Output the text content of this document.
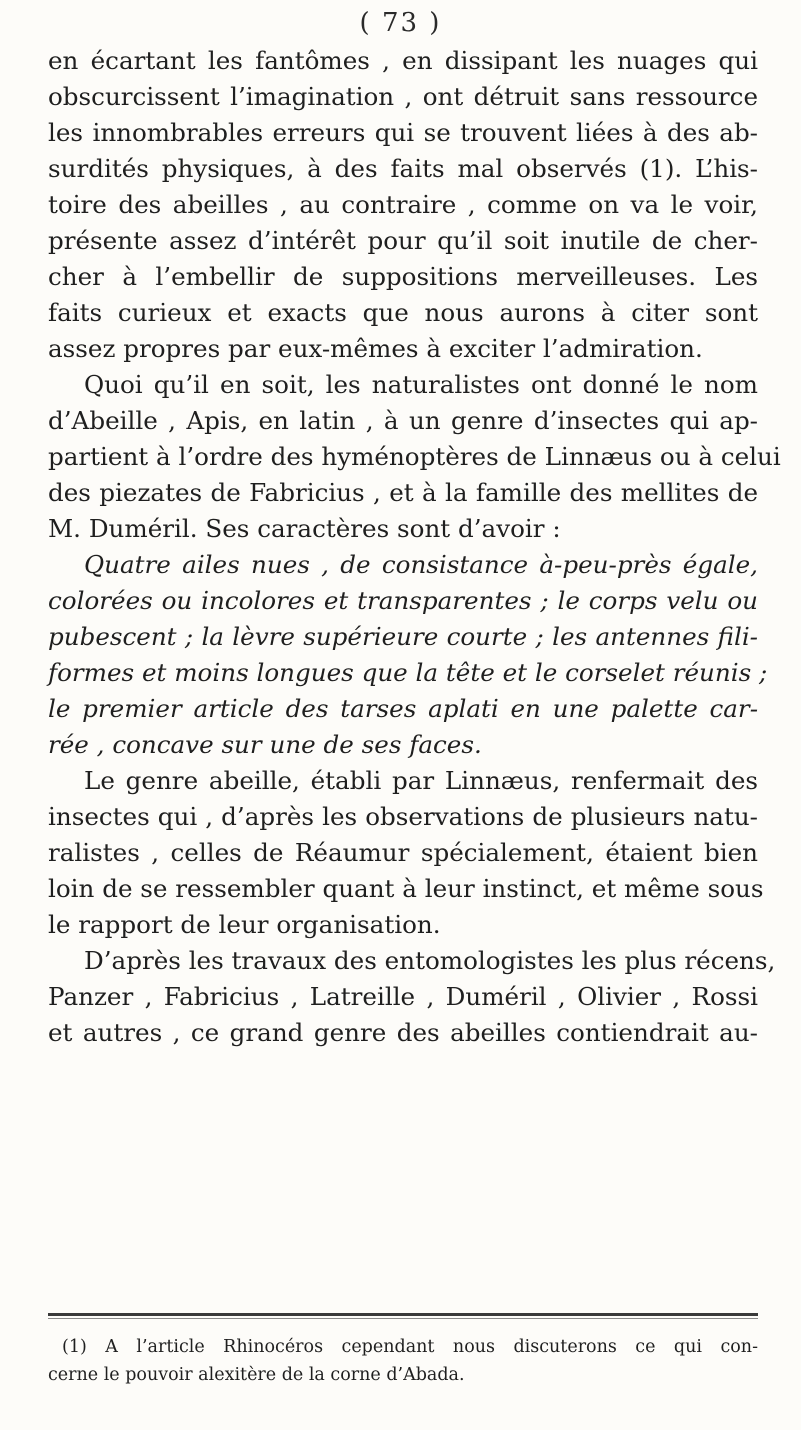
( 73 )
en écartant les fantômes , en dissipant les nuages qui
obscurcissent l’imagination , ont détruit sans ressource
les innombrables erreurs qui se trouvent liées à des ab-
surdités physiques, à des faits mal observés (1). L’his-
toire des abeilles , au contraire , comme on va le voir,
présente assez d’intérêt pour qu’il soit inutile de cher-
cher à l’embellir de suppositions merveilleuses. Les
faits curieux et exacts que nous aurons à citer sont
assez propres par eux-mêmes à exciter l’admiration.
Quoi qu’il en soit, les naturalistes ont donné le nom
d’Abeille , Apis, en latin , à un genre d’insectes qui ap-
partient à l’ordre des hyménoptères de Linnæus ou à celui
des piezates de Fabricius , et à la famille des mellites de
M. Duméril. Ses caractères sont d’avoir :
Quatre ailes nues , de consistance à-peu-près égale,
colorées ou incolores et transparentes ; le corps velu ou
pubescent ; la lèvre supérieure courte ; les antennes fili-
formes et moins longues que la tête et le corselet réunis ;
le premier article des tarses aplati en une palette car-
rée , concave sur une de ses faces.
Le genre abeille, établi par Linnæus, renfermait des
insectes qui , d’après les observations de plusieurs natu-
ralistes , celles de Réaumur spécialement, étaient bien
loin de se ressembler quant à leur instinct, et même sous
le rapport de leur organisation.
D’après les travaux des entomologistes les plus récens,
Panzer , Fabricius , Latreille , Duméril , Olivier , Rossi
et autres , ce grand genre des abeilles contiendrait au-
(1) A l’article Rhinocéros cependant nous discuterons ce qui con-
cerne le pouvoir alexitère de la corne d’Abada.
